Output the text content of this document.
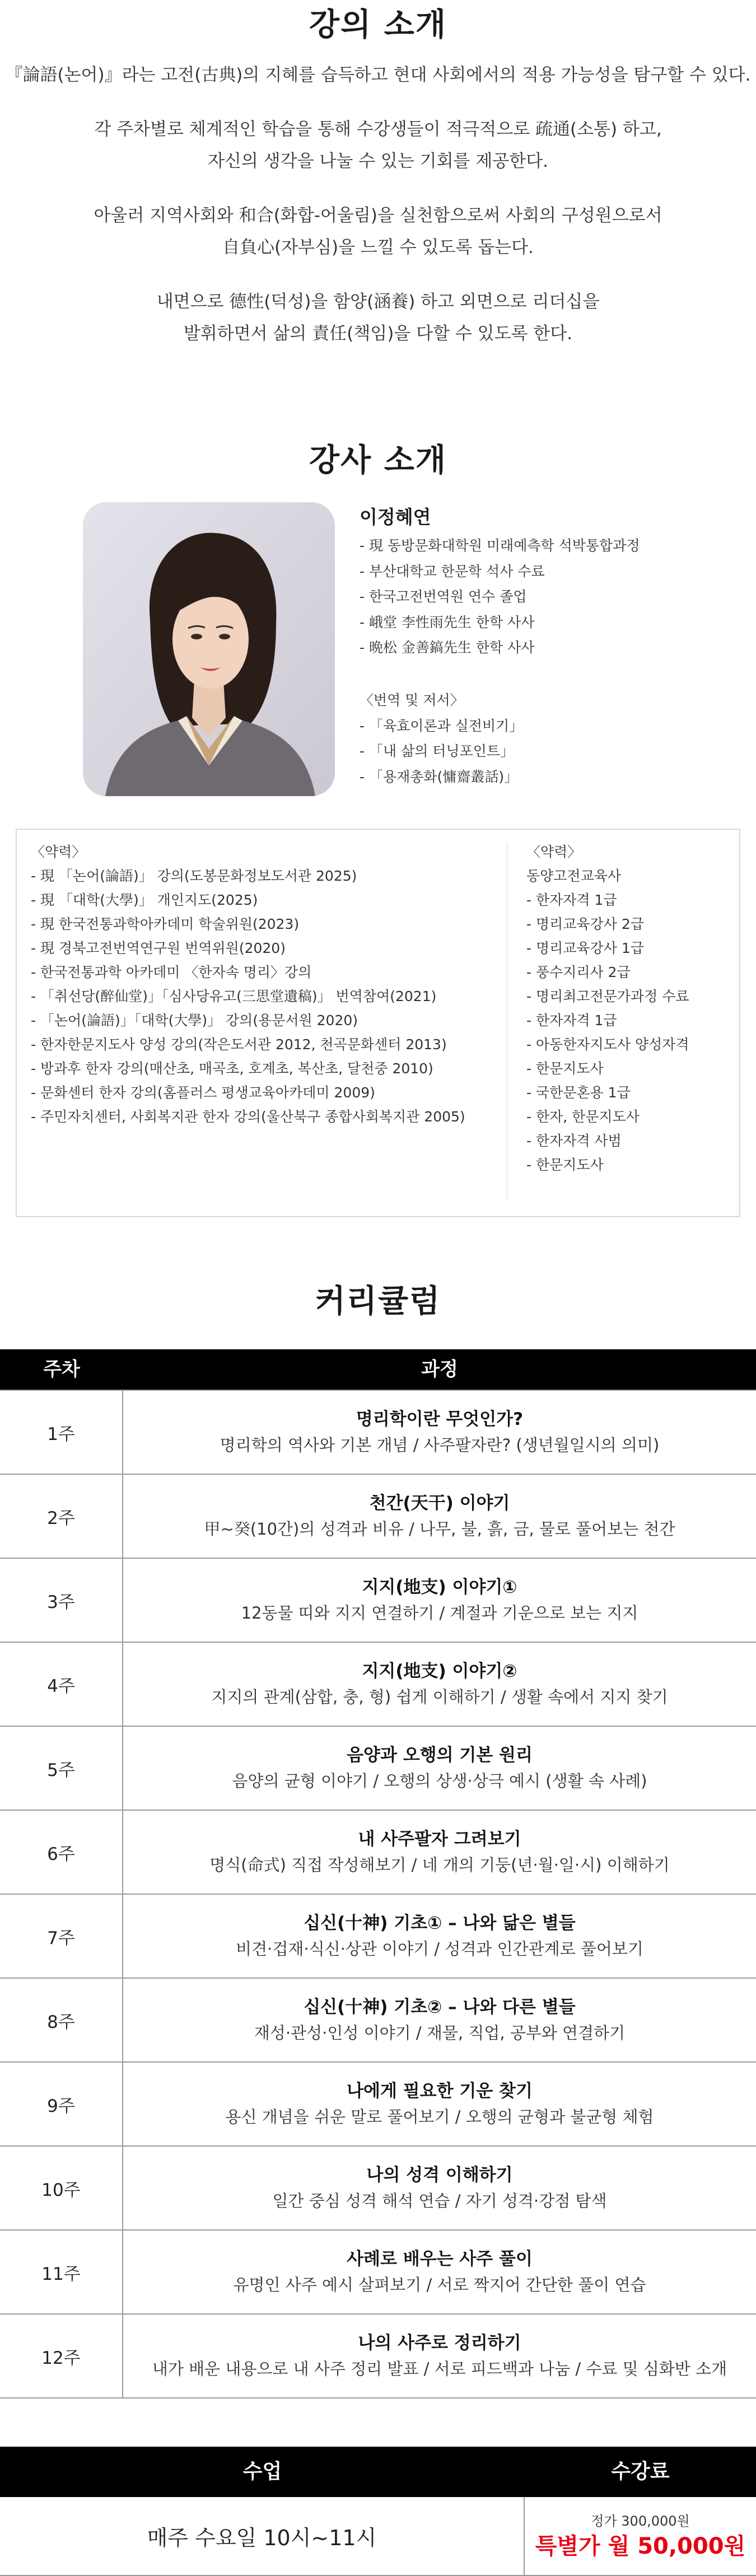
강의 소개

『論語(논어)』라는 고전(古典)의 지혜를 습득하고 현대 사회에서의 적용 가능성을 탐구할 수 있다.

각 주차별로 체계적인 학습을 통해 수강생들이 적극적으로 疏通(소통) 하고,

자신의 생각을 나눌 수 있는 기회를 제공한다.

아울러 지역사회와 和合(화합-어울림)을 실천함으로써 사회의 구성원으로서

自負心(자부심)을 느낄 수 있도록 돕는다.

내면으로 德性(덕성)을 함양(涵養) 하고 외면으로 리더십을

발휘하면서 삶의 責任(책임)을 다할 수 있도록 한다.

강사 소개
이정혜연
- 現 동방문화대학원 미래예측학 석박통합과정
- 부산대학교 한문학 석사 수료
- 한국고전번역원 연수 졸업
- 峨堂 李性雨先生 한학 사사
- 晩松 金善鎬先生 한학 사사
〈번역 및 저서〉
- 「육효이론과 실전비기」
- 「내 삶의 터닝포인트」
- 「용재총화(慵齋叢話)」
〈약력〉
- 現 「논어(論語)」 강의(도봉문화정보도서관 2025)
- 現 「대학(大學)」 개인지도(2025)
- 現 한국전통과학아카데미 학술위원(2023)
- 現 경북고전번역연구원 번역위원(2020)
- 한국전통과학 아카데미 〈한자속 명리〉강의
- 「취선당(醉仙堂)」「심사당유고(三思堂遺稿)」 번역참여(2021)
- 「논어(論語)」「대학(大學)」 강의(용문서원 2020)
- 한자한문지도사 양성 강의(작은도서관 2012, 천곡문화센터 2013)
- 방과후 한자 강의(매산초, 매곡초, 호계초, 복산초, 달천중 2010)
- 문화센터 한자 강의(홈플러스 평생교육아카데미 2009)
- 주민자치센터, 사회복지관 한자 강의(울산북구 종합사회복지관 2005)
〈약력〉
동양고전교육사
- 한자자격 1급
- 명리교육강사 2급
- 명리교육강사 1급
- 풍수지리사 2급
- 명리최고전문가과정 수료
- 한자자격 1급
- 아동한자지도사 양성자격
- 한문지도사
- 국한문혼용 1급
- 한자, 한문지도사
- 한자자격 사범
- 한문지도사
커리큘럼
주차	과정
1주
명리학이란 무엇인가?
명리학의 역사와 기본 개념 / 사주팔자란? (생년월일시의 의미)
2주
천간(天干) 이야기
甲~癸(10간)의 성격과 비유 / 나무, 불, 흙, 금, 물로 풀어보는 천간
3주
지지(地支) 이야기①
12동물 띠와 지지 연결하기 / 계절과 기운으로 보는 지지
4주
지지(地支) 이야기②
지지의 관계(삼합, 충, 형) 쉽게 이해하기 / 생활 속에서 지지 찾기
5주
음양과 오행의 기본 원리
음양의 균형 이야기 / 오행의 상생·상극 예시 (생활 속 사례)
6주
내 사주팔자 그려보기
명식(命式) 직접 작성해보기 / 네 개의 기둥(년·월·일·시) 이해하기
7주
십신(十神) 기초① – 나와 닮은 별들
비견·겁재·식신·상관 이야기 / 성격과 인간관계로 풀어보기
8주
십신(十神) 기초② – 나와 다른 별들
재성·관성·인성 이야기 / 재물, 직업, 공부와 연결하기
9주
나에게 필요한 기운 찾기
용신 개념을 쉬운 말로 풀어보기 / 오행의 균형과 불균형 체험
10주
나의 성격 이해하기
일간 중심 성격 해석 연습 / 자기 성격·강점 탐색
11주
사례로 배우는 사주 풀이
유명인 사주 예시 살펴보기 / 서로 짝지어 간단한 풀이 연습
12주
나의 사주로 정리하기
내가 배운 내용으로 내 사주 정리 발표 / 서로 피드백과 나눔 / 수료 및 심화반 소개
수업	수강료
매주 수요일 10시~11시
정가 300,000원
특별가 월 50,000원
